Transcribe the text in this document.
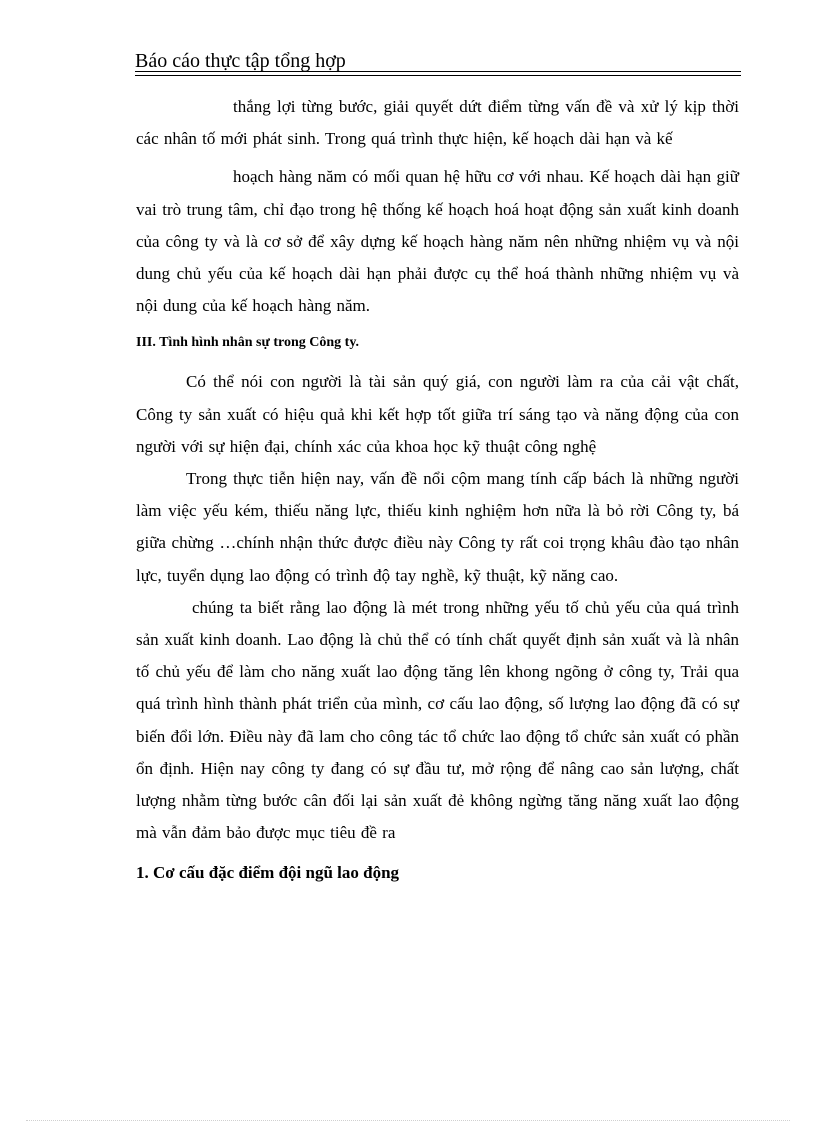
Báo cáo thực tập tổng hợp

thắng lợi từng bước, giải quyết dứt điểm từng vấn đề và xử lý kịp thời các nhân tố mới phát sinh. Trong quá trình thực hiện, kế hoạch dài hạn và kế

hoạch hàng năm có mối quan hệ hữu cơ với nhau. Kế hoạch dài hạn giữ vai trò trung tâm, chỉ đạo trong hệ thống kế hoạch hoá hoạt động sản xuất kinh doanh của công ty và là cơ sở để xây dựng kế hoạch hàng năm nên những nhiệm vụ và nội dung chủ yếu của kế hoạch dài hạn phải được cụ thể hoá thành những nhiệm vụ và nội dung của kế hoạch hàng năm.

III. Tình hình nhân sự trong Công ty.

Có thể nói con người là tài sản quý giá, con người làm ra của cải vật chất, Công ty sản xuất có hiệu quả khi kết hợp tốt giữa trí sáng tạo và năng động của con người với sự hiện đại, chính xác của khoa học kỹ thuật công nghệ

Trong thực tiễn hiện nay, vấn đề nổi cộm mang tính cấp bách là những người làm việc yếu kém, thiếu năng lực, thiếu kinh nghiệm hơn nữa là bỏ rời Công ty, bá giữa chừng …chính nhận thức được điều này Công ty rất coi trọng khâu đào tạo nhân lực, tuyển dụng lao động có trình độ tay nghề, kỹ thuật, kỹ năng cao.

chúng ta biết rằng lao động là mét trong những yếu tố chủ yếu của quá trình sản xuất kinh doanh. Lao động là chủ thể có tính chất quyết định sản xuất và là nhân tố chủ yếu để làm cho năng xuất lao động tăng lên khong ngõng ở công ty, Trải qua quá trình hình thành phát triển của mình, cơ cấu lao động, số lượng lao động đã có sự biến đổi lớn. Điều này đã lam cho công tác tổ chức lao động tổ chức sản xuất có phần ổn định. Hiện nay công ty đang có sự đầu tư, mở rộng để nâng cao sản lượng, chất lượng nhằm từng bước cân đối lại sản xuất đẻ không ngừng tăng năng xuất lao động mà vẫn đảm bảo được mục tiêu đề ra

1. Cơ cấu đặc điểm đội ngũ lao động
